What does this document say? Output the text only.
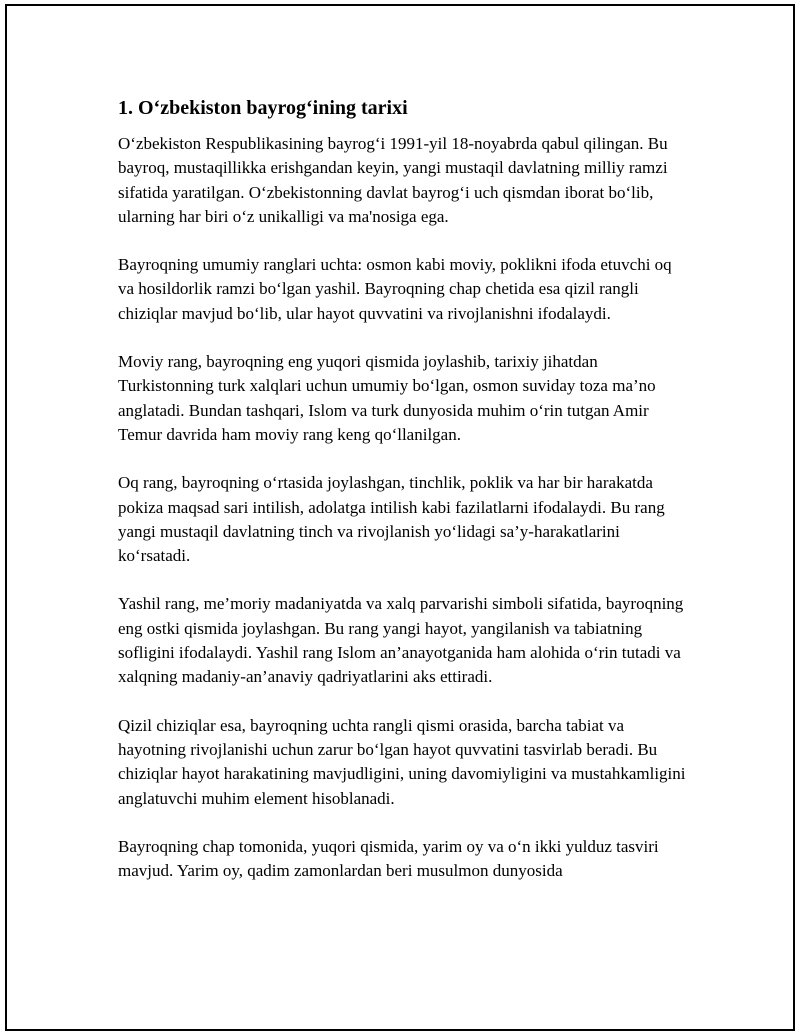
1. O‘zbekiston bayrog‘ining tarixi

O‘zbekiston Respublikasining bayrog‘i 1991-yil 18-noyabrda qabul qilingan. Bu bayroq, mustaqillikka erishgandan keyin, yangi mustaqil davlatning milliy ramzi sifatida yaratilgan. O‘zbekistonning davlat bayrog‘i uch qismdan iborat bo‘lib, ularning har biri o‘z unikalligi va ma'nosiga ega.

Bayroqning umumiy ranglari uchta: osmon kabi moviy, poklikni ifoda etuvchi oq va hosildorlik ramzi bo‘lgan yashil. Bayroqning chap chetida esa qizil rangli chiziqlar mavjud bo‘lib, ular hayot quvvatini va rivojlanishni ifodalaydi.

Moviy rang, bayroqning eng yuqori qismida joylashib, tarixiy jihatdan Turkistonning turk xalqlari uchun umumiy bo‘lgan, osmon suviday toza ma’no anglatadi. Bundan tashqari, Islom va turk dunyosida muhim o‘rin tutgan Amir Temur davrida ham moviy rang keng qo‘llanilgan.

Oq rang, bayroqning o‘rtasida joylashgan, tinchlik, poklik va har bir harakatda pokiza maqsad sari intilish, adolatga intilish kabi fazilatlarni ifodalaydi. Bu rang yangi mustaqil davlatning tinch va rivojlanish yo‘lidagi sa’y-harakatlarini ko‘rsatadi.

Yashil rang, me’moriy madaniyatda va xalq parvarishi simboli sifatida, bayroqning eng ostki qismida joylashgan. Bu rang yangi hayot, yangilanish va tabiatning sofligini ifodalaydi. Yashil rang Islom an’anayotganida ham alohida o‘rin tutadi va xalqning madaniy-an’anaviy qadriyatlarini aks ettiradi.

Qizil chiziqlar esa, bayroqning uchta rangli qismi orasida, barcha tabiat va hayotning rivojlanishi uchun zarur bo‘lgan hayot quvvatini tasvirlab beradi. Bu chiziqlar hayot harakatining mavjudligini, uning davomiyligini va mustahkamligini anglatuvchi muhim element hisoblanadi.

Bayroqning chap tomonida, yuqori qismida, yarim oy va o‘n ikki yulduz tasviri mavjud. Yarim oy, qadim zamonlardan beri musulmon dunyosida
